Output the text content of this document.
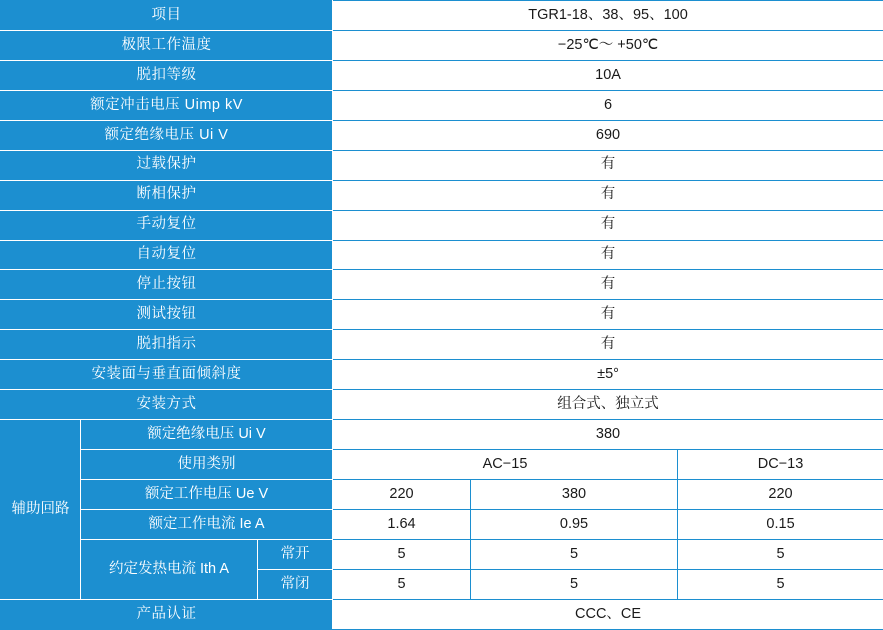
项目			TGR1-18、38、95、100		
极限工作温度			−25℃～ +50℃		
脱扣等级			10A		
额定冲击电压 Uimp kV			6		
额定绝缘电压 Ui V			690		
过载保护			有		
断相保护			有		
手动复位			有		
自动复位			有		
停止按钮			有		
测试按钮			有		
脱扣指示			有		
安装面与垂直面倾斜度			±5°		
安装方式			组合式、独立式		
辅助回路	额定绝缘电压 Ui V		380		
	使用类别		AC−15		DC−13
	额定工作电压 Ue V		220	380	220
	额定工作电流 Ie A		1.64	0.95	0.15
	约定发热电流 Ith A	常开	5	5	5
		常闭	5	5	5
产品认证			CCC、CE		
